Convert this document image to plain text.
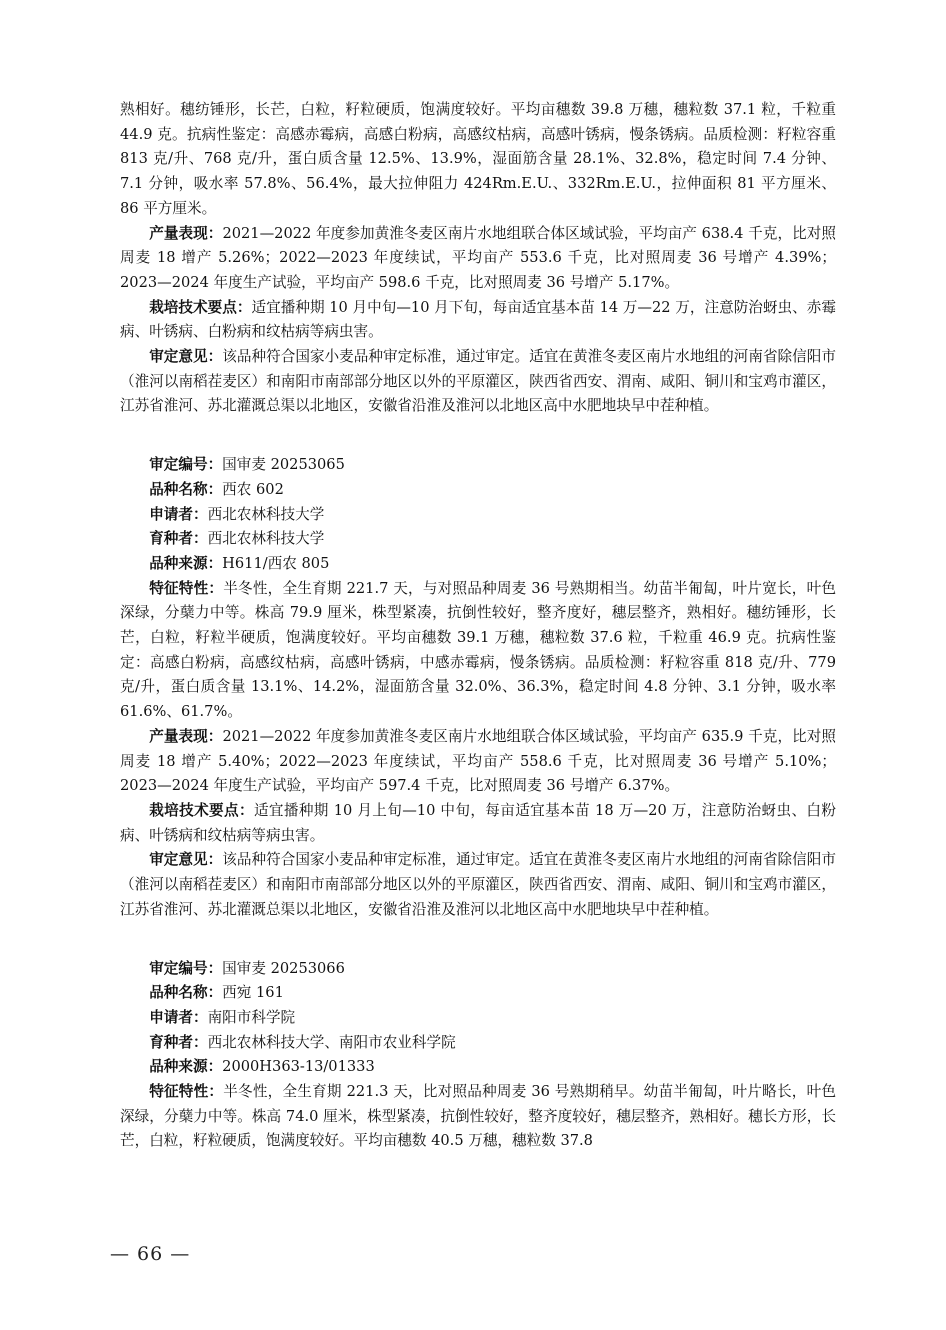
熟相好。穗纺锤形，长芒，白粒，籽粒硬质，饱满度较好。平均亩穗数 39.8 万穗，穗粒数 37.1 粒，千粒重 44.9 克。抗病性鉴定：高感赤霉病，高感白粉病，高感纹枯病，高感叶锈病，慢条锈病。品质检测：籽粒容重 813 克/升、768 克/升，蛋白质含量 12.5%、13.9%，湿面筋含量 28.1%、32.8%，稳定时间 7.4 分钟、7.1 分钟，吸水率 57.8%、56.4%，最大拉伸阻力 424Rm.E.U.、332Rm.E.U.，拉伸面积 81 平方厘米、86 平方厘米。

产量表现：2021—2022 年度参加黄淮冬麦区南片水地组联合体区域试验，平均亩产 638.4 千克，比对照周麦 18 增产 5.26%；2022—2023 年度续试，平均亩产 553.6 千克，比对照周麦 36 号增产 4.39%；2023—2024 年度生产试验，平均亩产 598.6 千克，比对照周麦 36 号增产 5.17%。

栽培技术要点：适宜播种期 10 月中旬—10 月下旬，每亩适宜基本苗 14 万—22 万，注意防治蚜虫、赤霉病、叶锈病、白粉病和纹枯病等病虫害。

审定意见：该品种符合国家小麦品种审定标准，通过审定。适宜在黄淮冬麦区南片水地组的河南省除信阳市（淮河以南稻茬麦区）和南阳市南部部分地区以外的平原灌区，陕西省西安、渭南、咸阳、铜川和宝鸡市灌区，江苏省淮河、苏北灌溉总渠以北地区，安徽省沿淮及淮河以北地区高中水肥地块早中茬种植。

审定编号：国审麦 20253065

品种名称：西农 602

申请者：西北农林科技大学

育种者：西北农林科技大学

品种来源：H611/西农 805

特征特性：半冬性，全生育期 221.7 天，与对照品种周麦 36 号熟期相当。幼苗半匍匐，叶片宽长，叶色深绿，分蘖力中等。株高 79.9 厘米，株型紧凑，抗倒性较好，整齐度好，穗层整齐，熟相好。穗纺锤形，长芒，白粒，籽粒半硬质，饱满度较好。平均亩穗数 39.1 万穗，穗粒数 37.6 粒，千粒重 46.9 克。抗病性鉴定：高感白粉病，高感纹枯病，高感叶锈病，中感赤霉病，慢条锈病。品质检测：籽粒容重 818 克/升、779 克/升，蛋白质含量 13.1%、14.2%，湿面筋含量 32.0%、36.3%，稳定时间 4.8 分钟、3.1 分钟，吸水率 61.6%、61.7%。

产量表现：2021—2022 年度参加黄淮冬麦区南片水地组联合体区域试验，平均亩产 635.9 千克，比对照周麦 18 增产 5.40%；2022—2023 年度续试，平均亩产 558.6 千克，比对照周麦 36 号增产 5.10%；2023—2024 年度生产试验，平均亩产 597.4 千克，比对照周麦 36 号增产 6.37%。

栽培技术要点：适宜播种期 10 月上旬—10 中旬，每亩适宜基本苗 18 万—20 万，注意防治蚜虫、白粉病、叶锈病和纹枯病等病虫害。

审定意见：该品种符合国家小麦品种审定标准，通过审定。适宜在黄淮冬麦区南片水地组的河南省除信阳市（淮河以南稻茬麦区）和南阳市南部部分地区以外的平原灌区，陕西省西安、渭南、咸阳、铜川和宝鸡市灌区，江苏省淮河、苏北灌溉总渠以北地区，安徽省沿淮及淮河以北地区高中水肥地块早中茬种植。

审定编号：国审麦 20253066

品种名称：西宛 161

申请者：南阳市科学院

育种者：西北农林科技大学、南阳市农业科学院

品种来源：2000H363-13/01333

特征特性：半冬性，全生育期 221.3 天，比对照品种周麦 36 号熟期稍早。幼苗半匍匐，叶片略长，叶色深绿，分蘖力中等。株高 74.0 厘米，株型紧凑，抗倒性较好，整齐度较好，穗层整齐，熟相好。穗长方形，长芒，白粒，籽粒硬质，饱满度较好。平均亩穗数 40.5 万穗，穗粒数 37.8

— 66 —
